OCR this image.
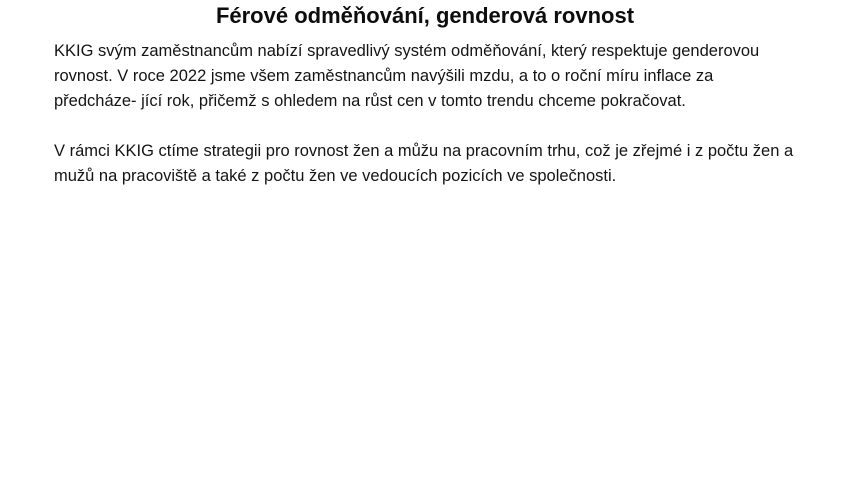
Férové odměňování, genderová rovnost

KKIG svým zaměstnancům nabízí spravedlivý systém odměňování, který respektuje genderovou
rovnost. V roce 2022 jsme všem zaměstnancům navýšili mzdu, a to o roční míru inflace za
předcháze- jící rok, přičemž s ohledem na růst cen v tomto trendu chceme pokračovat.

V rámci KKIG ctíme strategii pro rovnost žen a můžu na pracovním trhu, což je zřejmé i z počtu žen a
mužů na pracoviště a také z počtu žen ve vedoucích pozicích ve společnosti.
